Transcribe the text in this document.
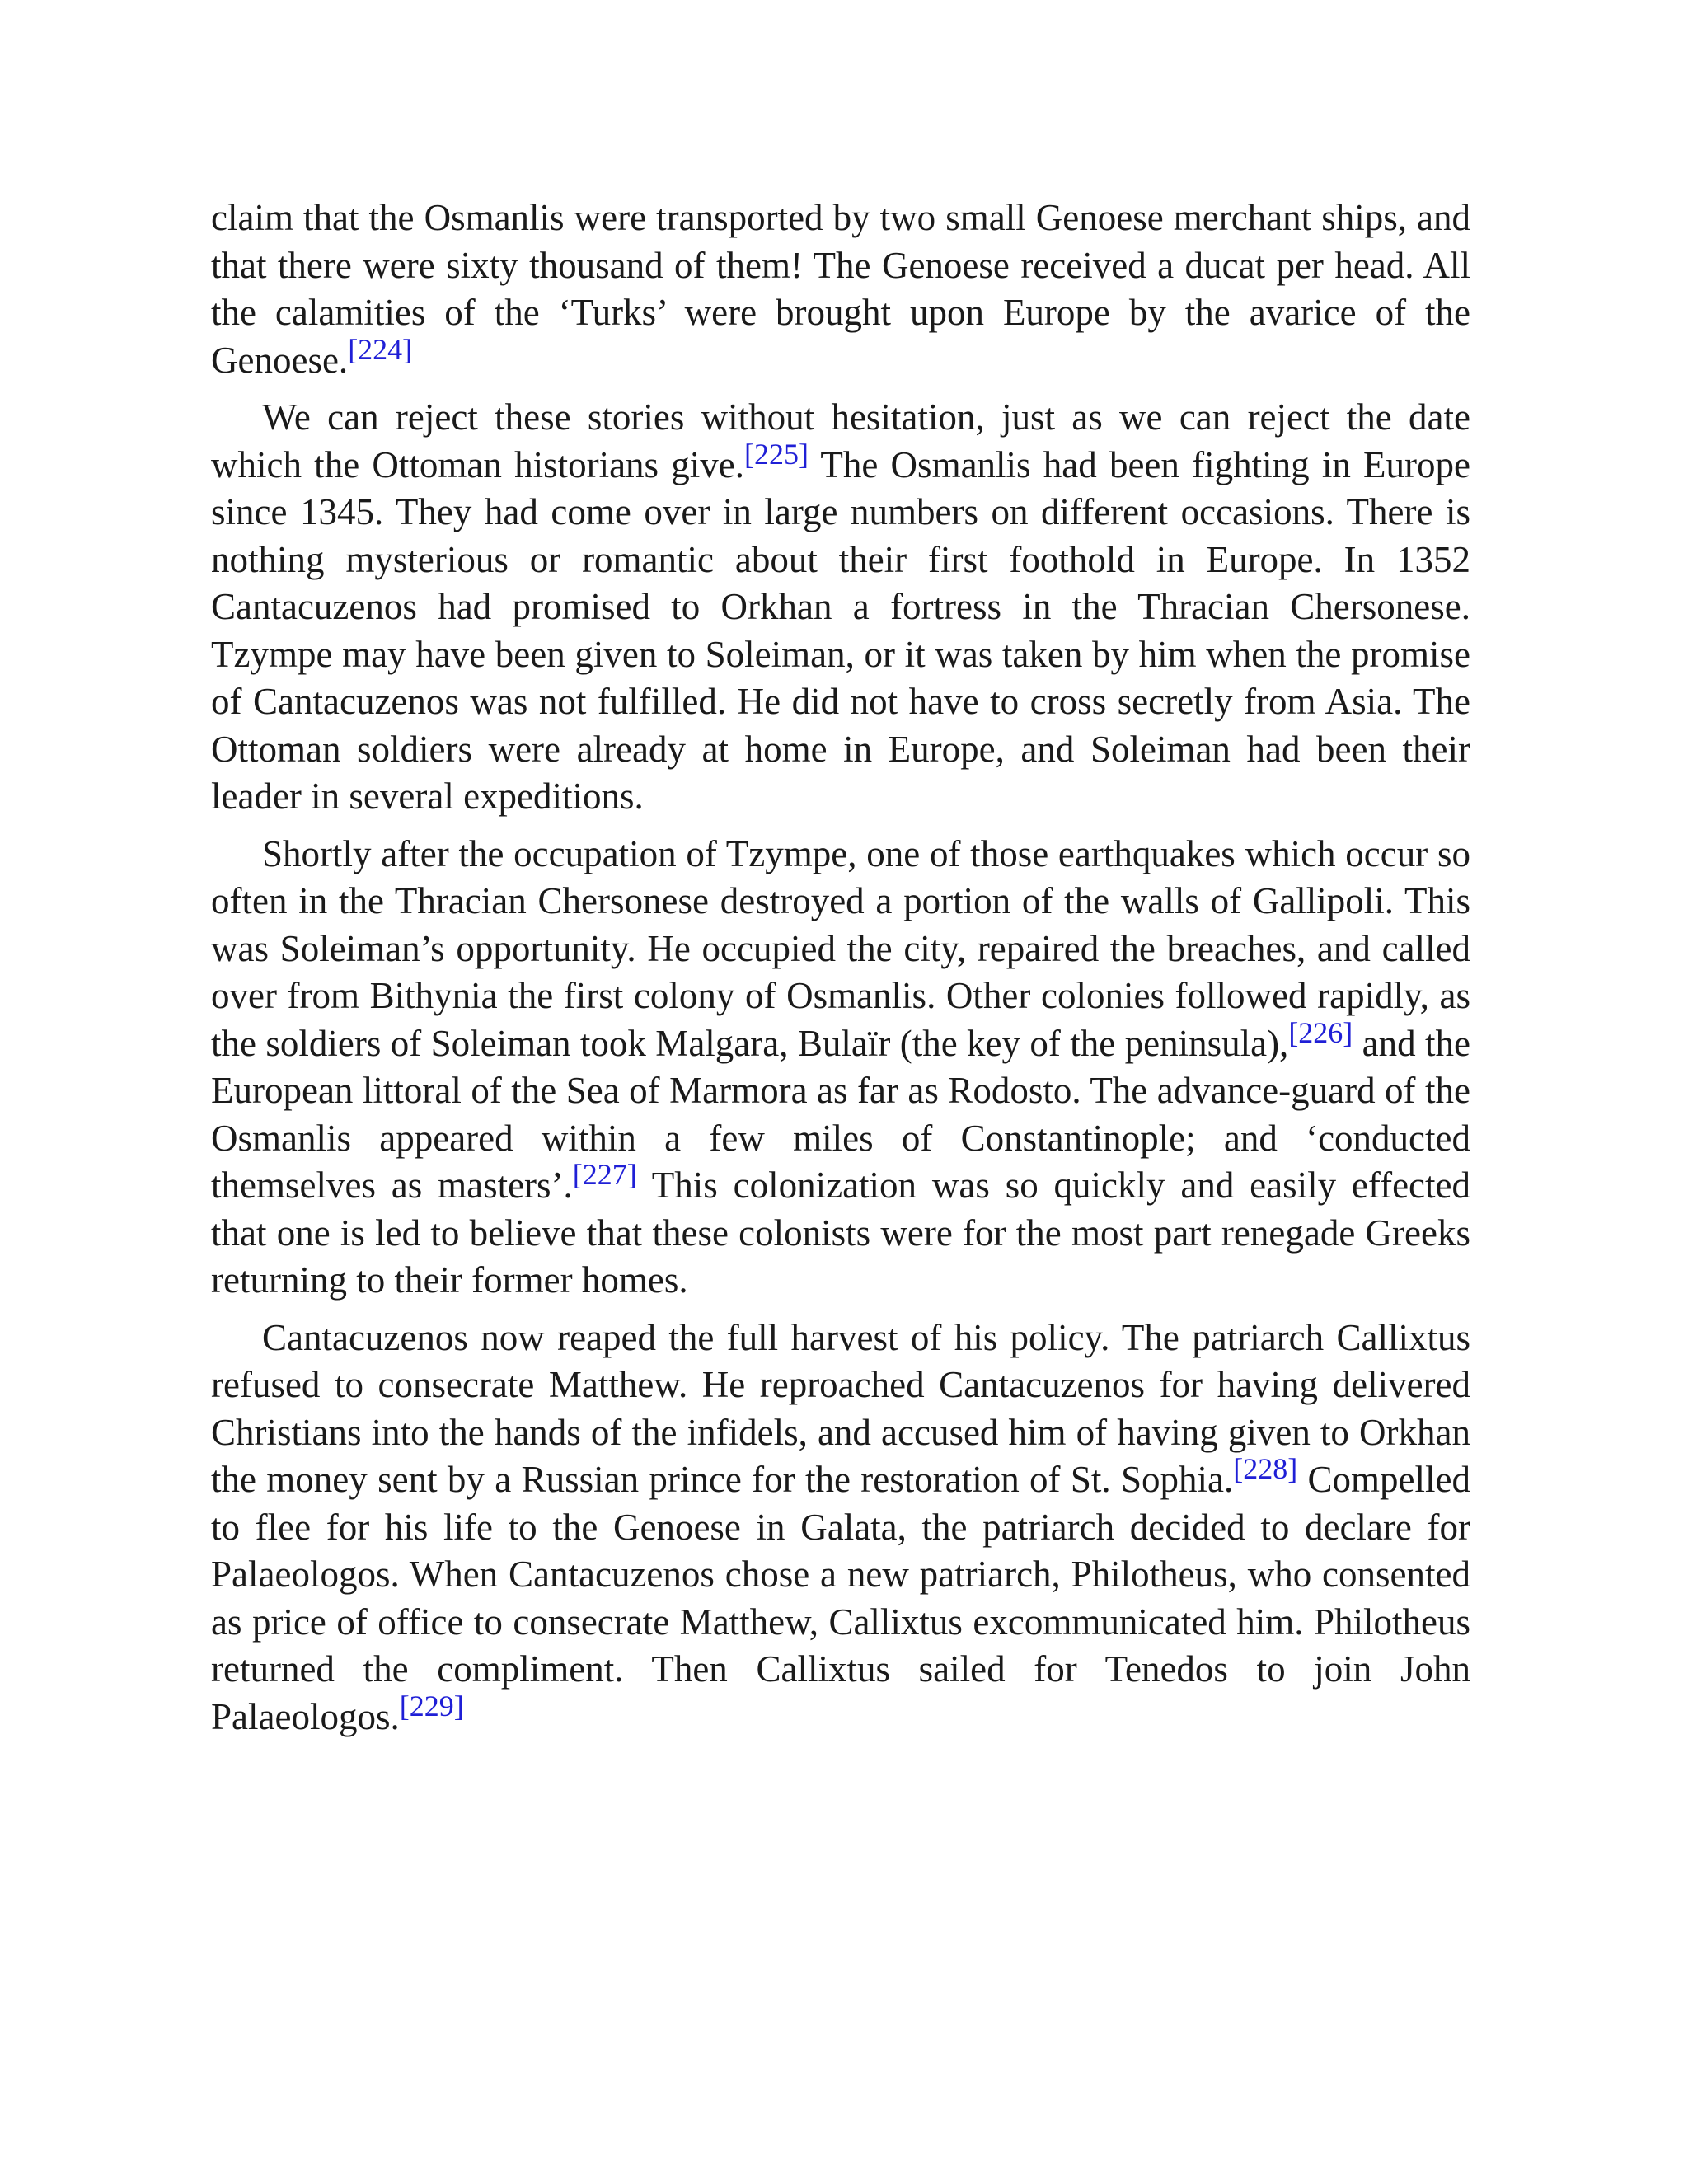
claim that the Osmanlis were transported by two small Genoese merchant ships, and that there were sixty thousand of them! The Genoese received a ducat per head. All the calamities of the ‘Turks’ were brought upon Europe by the avarice of the Genoese.[224]

We can reject these stories without hesitation, just as we can reject the date which the Ottoman historians give.[225] The Osmanlis had been fighting in Europe since 1345. They had come over in large numbers on different occasions. There is nothing mysterious or romantic about their first foothold in Europe. In 1352 Cantacuzenos had promised to Orkhan a fortress in the Thracian Chersonese. Tzympe may have been given to Soleiman, or it was taken by him when the promise of Cantacuzenos was not fulfilled. He did not have to cross secretly from Asia. The Ottoman soldiers were already at home in Europe, and Soleiman had been their leader in several expeditions.

Shortly after the occupation of Tzympe, one of those earthquakes which occur so often in the Thracian Chersonese destroyed a portion of the walls of Gallipoli. This was Soleiman’s opportunity. He occupied the city, repaired the breaches, and called over from Bithynia the first colony of Osmanlis. Other colonies followed rapidly, as the soldiers of Soleiman took Malgara, Bulaïr (the key of the peninsula),[226] and the European littoral of the Sea of Marmora as far as Rodosto. The advance-guard of the Osmanlis appeared within a few miles of Constantinople; and ‘conducted themselves as masters’.[227] This colonization was so quickly and easily effected that one is led to believe that these colonists were for the most part renegade Greeks returning to their former homes.

Cantacuzenos now reaped the full harvest of his policy. The patriarch Callixtus refused to consecrate Matthew. He reproached Cantacuzenos for having delivered Christians into the hands of the infidels, and accused him of having given to Orkhan the money sent by a Russian prince for the restoration of St. Sophia.[228] Compelled to flee for his life to the Genoese in Galata, the patriarch decided to declare for Palaeologos. When Cantacuzenos chose a new patriarch, Philotheus, who consented as price of office to consecrate Matthew, Callixtus excommunicated him. Philotheus returned the compliment. Then Callixtus sailed for Tenedos to join John Palaeologos.[229]
